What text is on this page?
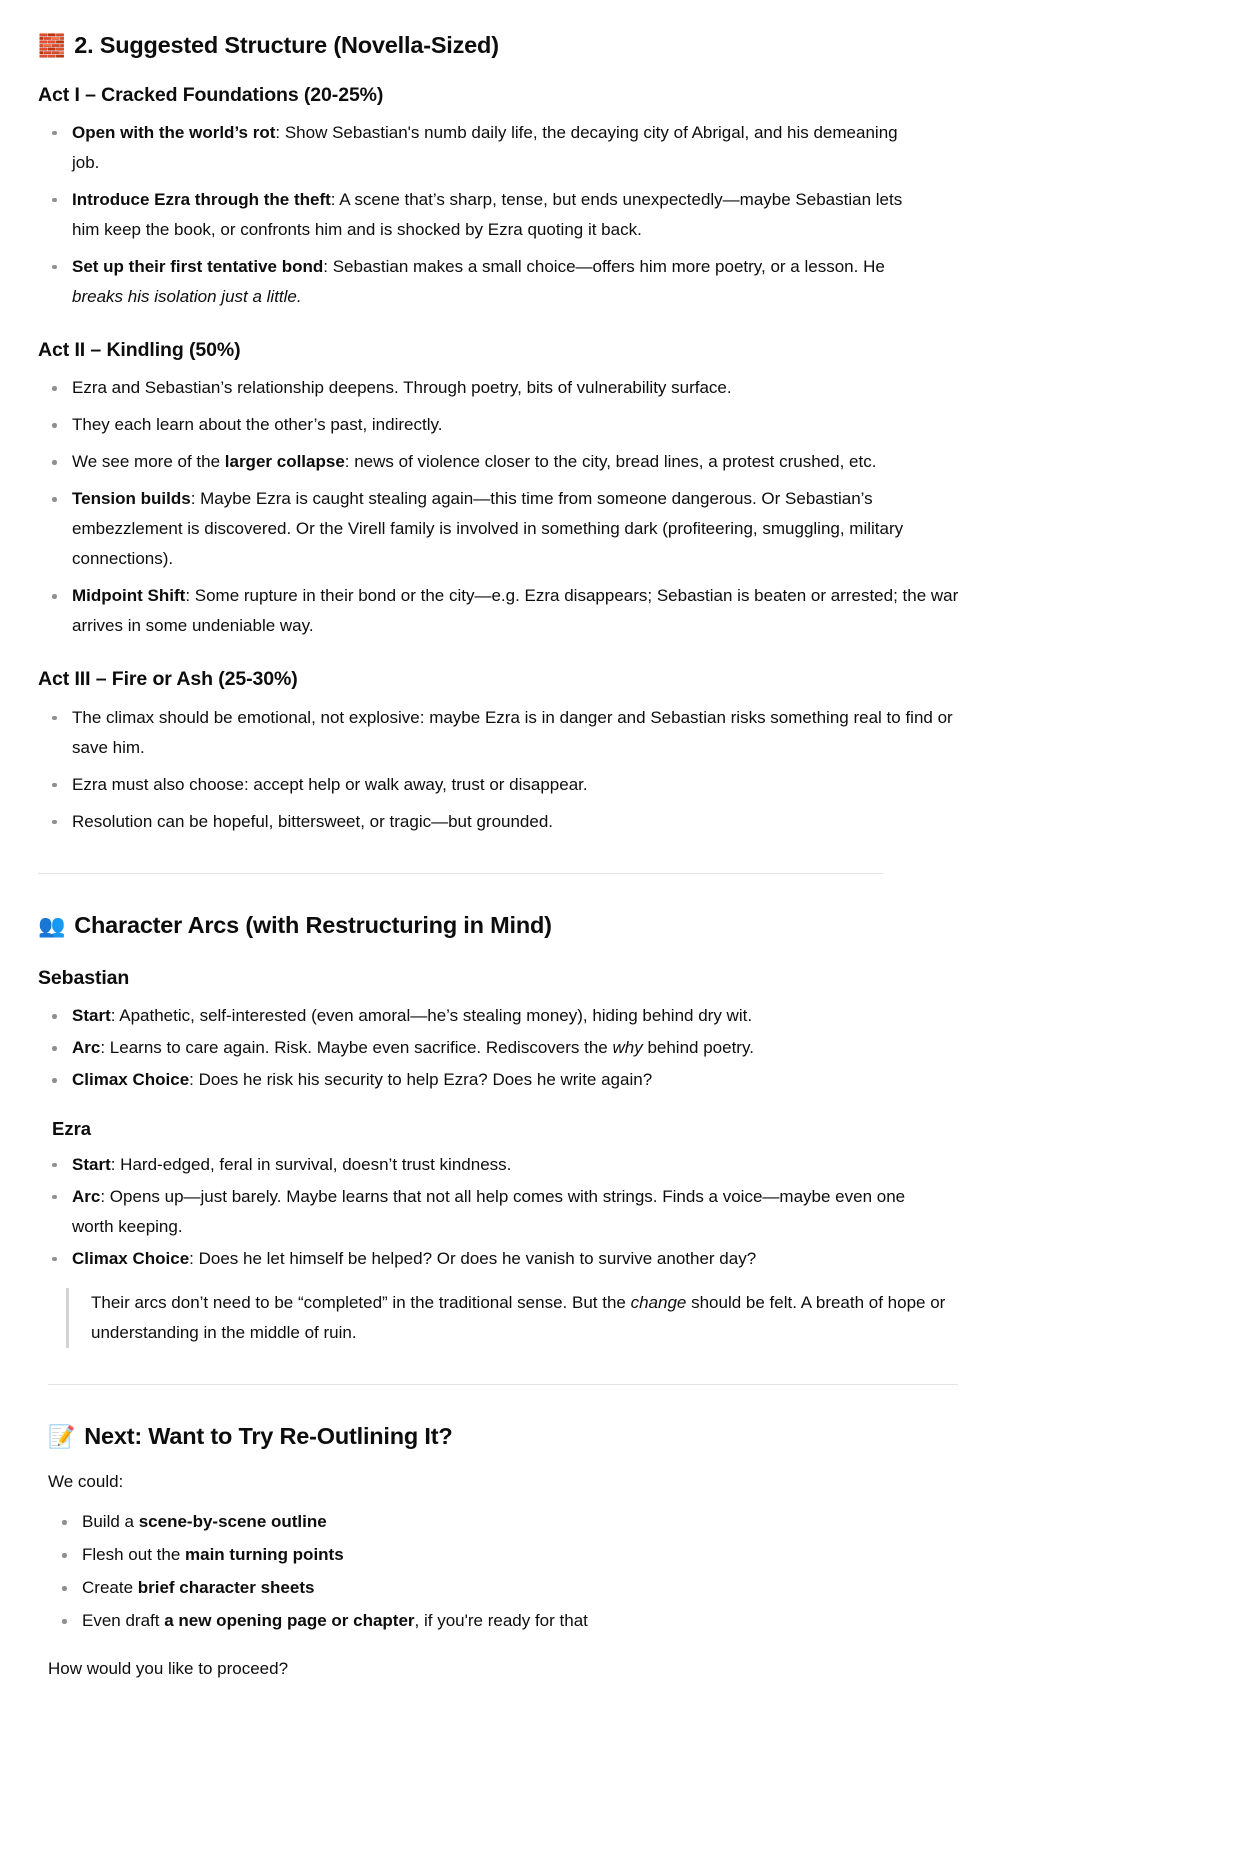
🧱 2. Suggested Structure (Novella-Sized)
Act I – Cracked Foundations (20-25%)
Open with the world’s rot: Show Sebastian's numb daily life, the decaying city of Abrigal, and his demeaning job.
Introduce Ezra through the theft: A scene that’s sharp, tense, but ends unexpectedly—maybe Sebastian lets him keep the book, or confronts him and is shocked by Ezra quoting it back.
Set up their first tentative bond: Sebastian makes a small choice—offers him more poetry, or a lesson. He breaks his isolation just a little.
Act II – Kindling (50%)
Ezra and Sebastian’s relationship deepens. Through poetry, bits of vulnerability surface.
They each learn about the other’s past, indirectly.
We see more of the larger collapse: news of violence closer to the city, bread lines, a protest crushed, etc.
Tension builds: Maybe Ezra is caught stealing again—this time from someone dangerous. Or Sebastian’s embezzlement is discovered. Or the Virell family is involved in something dark (profiteering, smuggling, military connections).
Midpoint Shift: Some rupture in their bond or the city—e.g. Ezra disappears; Sebastian is beaten or arrested; the war arrives in some undeniable way.
Act III – Fire or Ash (25-30%)
The climax should be emotional, not explosive: maybe Ezra is in danger and Sebastian risks something real to find or save him.
Ezra must also choose: accept help or walk away, trust or disappear.
Resolution can be hopeful, bittersweet, or tragic—but grounded.
👥 Character Arcs (with Restructuring in Mind)
Sebastian
Start: Apathetic, self-interested (even amoral—he’s stealing money), hiding behind dry wit.
Arc: Learns to care again. Risk. Maybe even sacrifice. Rediscovers the why behind poetry.
Climax Choice: Does he risk his security to help Ezra? Does he write again?
Ezra
Start: Hard-edged, feral in survival, doesn’t trust kindness.
Arc: Opens up—just barely. Maybe learns that not all help comes with strings. Finds a voice—maybe even one worth keeping.
Climax Choice: Does he let himself be helped? Or does he vanish to survive another day?
Their arcs don’t need to be “completed” in the traditional sense. But the change should be felt. A breath of hope or understanding in the middle of ruin.
📝 Next: Want to Try Re-Outlining It?

We could:

Build a scene-by-scene outline
Flesh out the main turning points
Create brief character sheets
Even draft a new opening page or chapter, if you're ready for that

How would you like to proceed?
